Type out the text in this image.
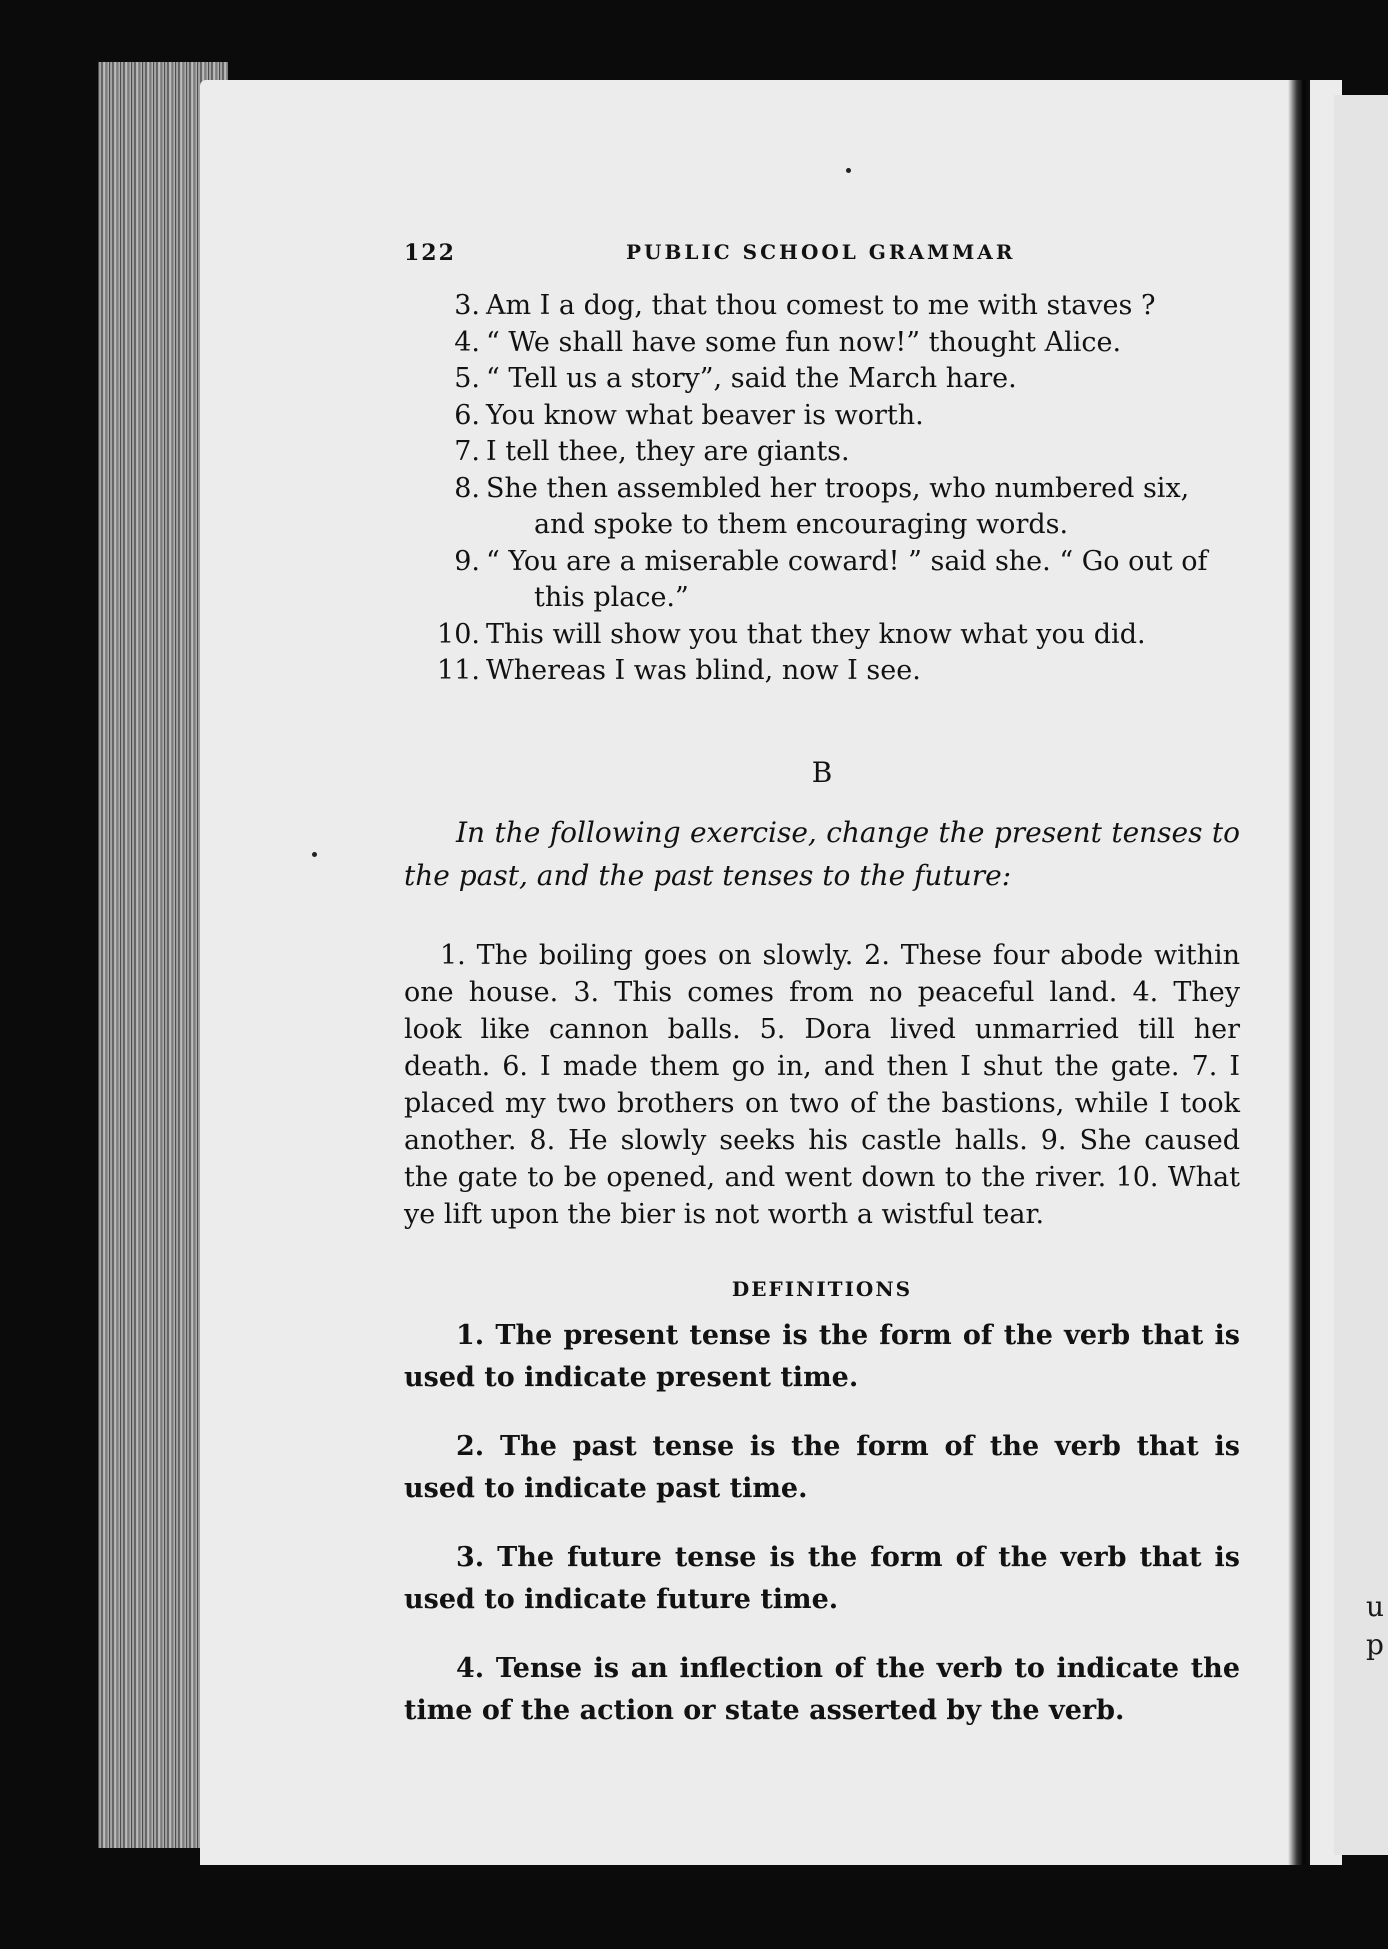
u
p
122	PUBLIC SCHOOL GRAMMAR
3. Am I a dog, that thou comest to me with staves ?
4. “ We shall have some fun now!” thought Alice.
5. “ Tell us a story”, said the March hare.
6. You know what beaver is worth.
7. I tell thee, they are giants.
8. She then assembled her troops, who numbered six, and spoke to them encouraging words.
9. “ You are a miserable coward! ” said she. “ Go out of this place.”
10. This will show you that they know what you did.
11. Whereas I was blind, now I see.
B

In the following exercise, change the present tenses to the past, and the past tenses to the future:

1. The boiling goes on slowly. 2. These four abode within one house. 3. This comes from no peaceful land. 4. They look like cannon balls. 5. Dora lived unmarried till her death. 6. I made them go in, and then I shut the gate. 7. I placed my two brothers on two of the bastions, while I took another. 8. He slowly seeks his castle halls. 9. She caused the gate to be opened, and went down to the river. 10. What ye lift upon the bier is not worth a wistful tear.

DEFINITIONS

1. The present tense is the form of the verb that is used to indicate present time.

2. The past tense is the form of the verb that is used to indicate past time.

3. The future tense is the form of the verb that is used to indicate future time.

4. Tense is an inflection of the verb to indicate the time of the action or state asserted by the verb.
